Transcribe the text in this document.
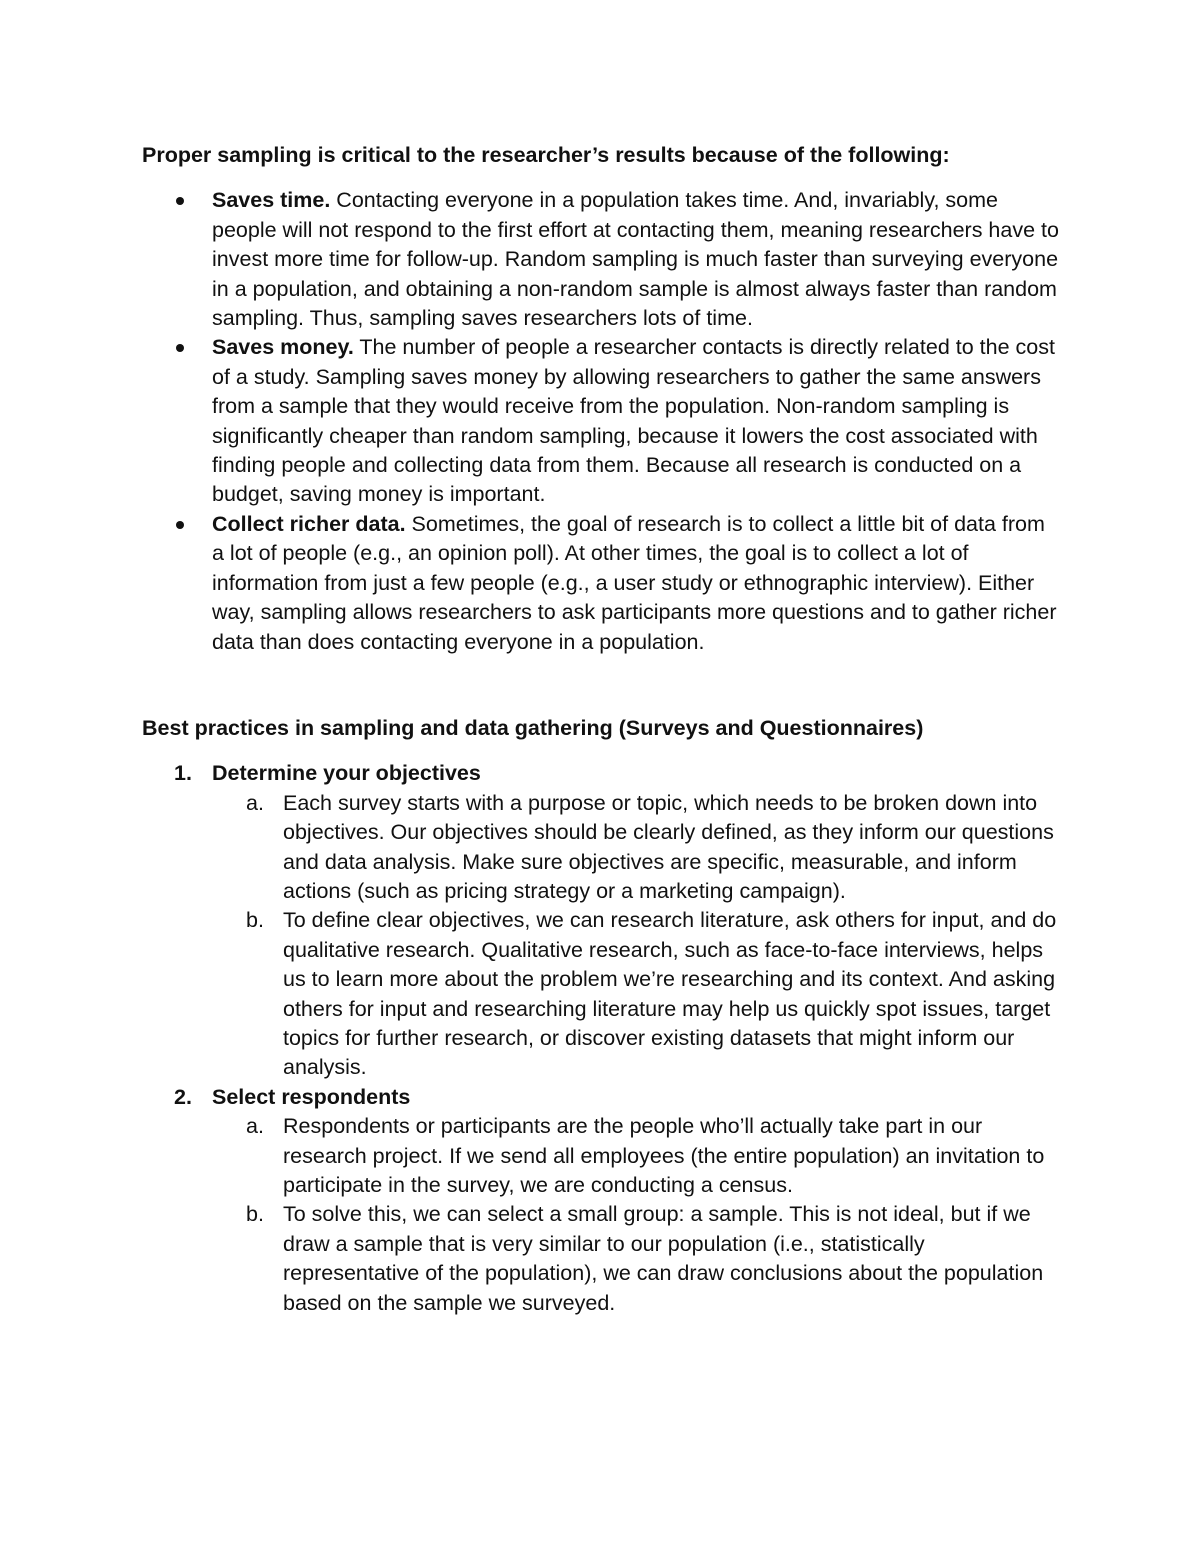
Proper sampling is critical to the researcher’s results because of the following:

Saves time. Contacting everyone in a population takes time. And, invariably, some people will not respond to the first effort at contacting them, meaning researchers have to invest more time for follow-up. Random sampling is much faster than surveying everyone in a population, and obtaining a non-random sample is almost always faster than random sampling. Thus, sampling saves researchers lots of time.
Saves money. The number of people a researcher contacts is directly related to the cost of a study. Sampling saves money by allowing researchers to gather the same answers from a sample that they would receive from the population. Non-random sampling is significantly cheaper than random sampling, because it lowers the cost associated with finding people and collecting data from them. Because all research is conducted on a budget, saving money is important.
Collect richer data. Sometimes, the goal of research is to collect a little bit of data from a lot of people (e.g., an opinion poll). At other times, the goal is to collect a lot of information from just a few people (e.g., a user study or ethnographic interview). Either way, sampling allows researchers to ask participants more questions and to gather richer data than does contacting everyone in a population.

Best practices in sampling and data gathering (Surveys and Questionnaires)

1. Determine your objectives
a. Each survey starts with a purpose or topic, which needs to be broken down into objectives. Our objectives should be clearly defined, as they inform our questions and data analysis. Make sure objectives are specific, measurable, and inform actions (such as pricing strategy or a marketing campaign).
b. To define clear objectives, we can research literature, ask others for input, and do qualitative research. Qualitative research, such as face-to-face interviews, helps us to learn more about the problem we’re researching and its context. And asking others for input and researching literature may help us quickly spot issues, target topics for further research, or discover existing datasets that might inform our analysis.
2. Select respondents
a. Respondents or participants are the people who’ll actually take part in our research project. If we send all employees (the entire population) an invitation to participate in the survey, we are conducting a census.
b. To solve this, we can select a small group: a sample. This is not ideal, but if we draw a sample that is very similar to our population (i.e., statistically representative of the population), we can draw conclusions about the population based on the sample we surveyed.
